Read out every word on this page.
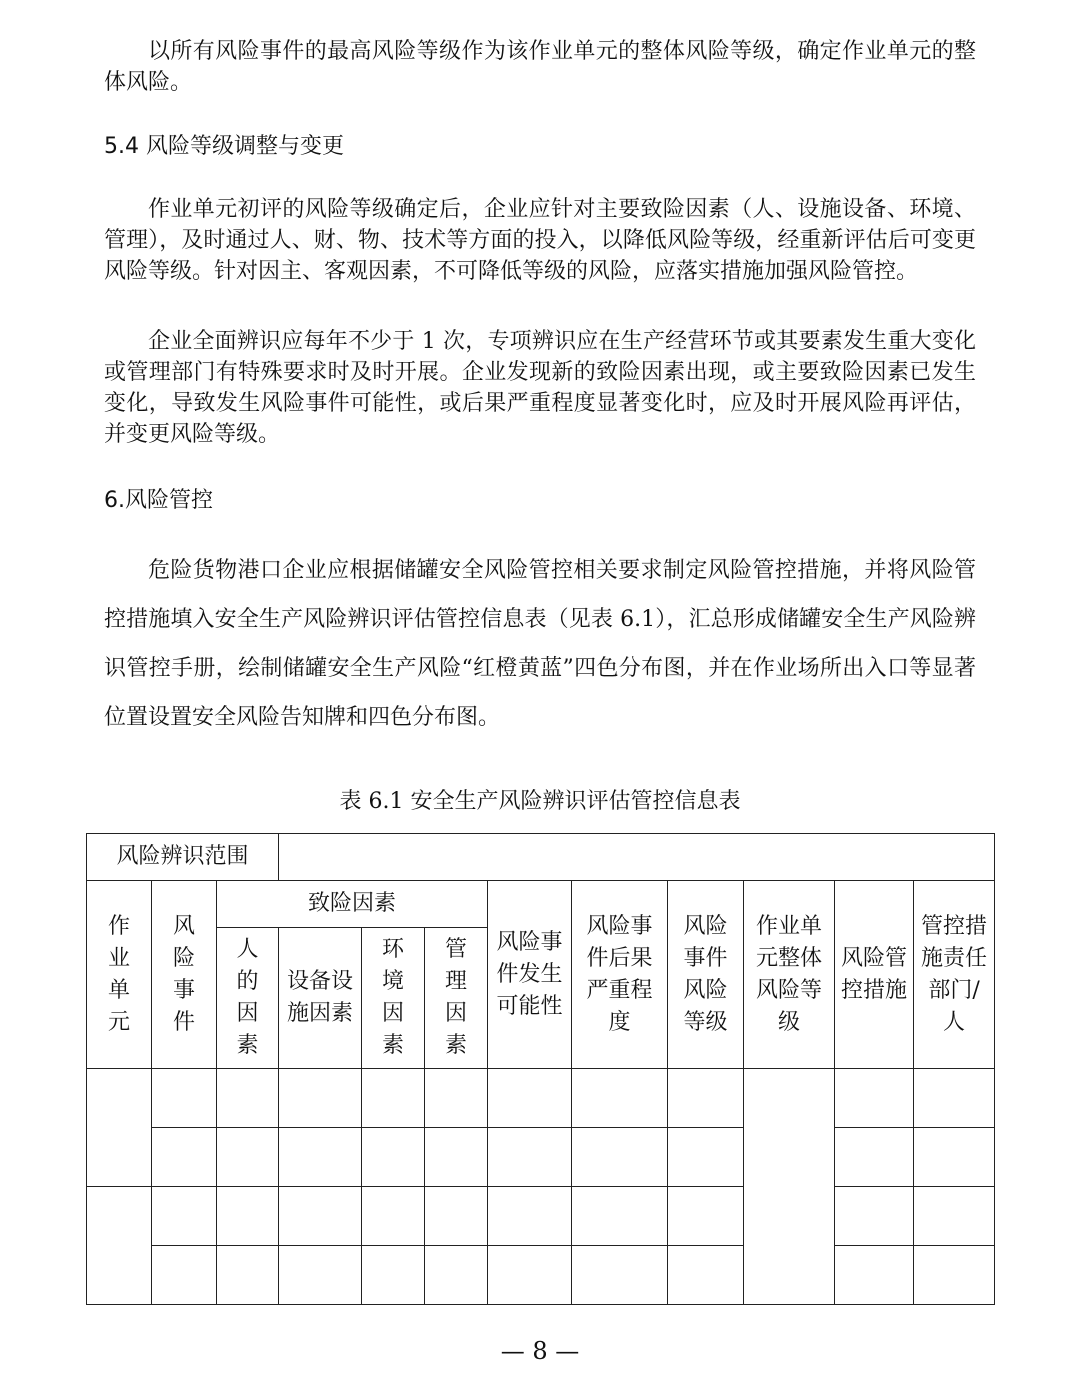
以所有风险事件的最高风险等级作为该作业单元的整体风险等级，确定作业单元的整体风险。

5.4 风险等级调整与变更

作业单元初评的风险等级确定后，企业应针对主要致险因素（人、设施设备、环境、管理），及时通过人、财、物、技术等方面的投入，以降低风险等级，经重新评估后可变更风险等级。针对因主、客观因素，不可降低等级的风险，应落实措施加强风险管控。

企业全面辨识应每年不少于 1 次，专项辨识应在生产经营环节或其要素发生重大变化或管理部门有特殊要求时及时开展。企业发现新的致险因素出现，或主要致险因素已发生变化，导致发生风险事件可能性，或后果严重程度显著变化时，应及时开展风险再评估，并变更风险等级。

6.风险管控

危险货物港口企业应根据储罐安全风险管控相关要求制定风险管控措施，并将风险管控措施填入安全生产风险辨识评估管控信息表（见表 6.1），汇总形成储罐安全生产风险辨识管控手册，绘制储罐安全生产风险“红橙黄蓝”四色分布图，并在作业场所出入口等显著位置设置安全风险告知牌和四色分布图。

表 6.1 安全生产风险辨识评估管控信息表

风险辨识范围											

作业单元	风险事件	致险因素				风险事件发生可能性	风险事件后果严重程度	风险事件风险等级	作业单元整体风险等级	风险管控措施	管控措施责任部门/人

		人的因素	设备设施因素	环境因素	管理因素						

— 8 —
